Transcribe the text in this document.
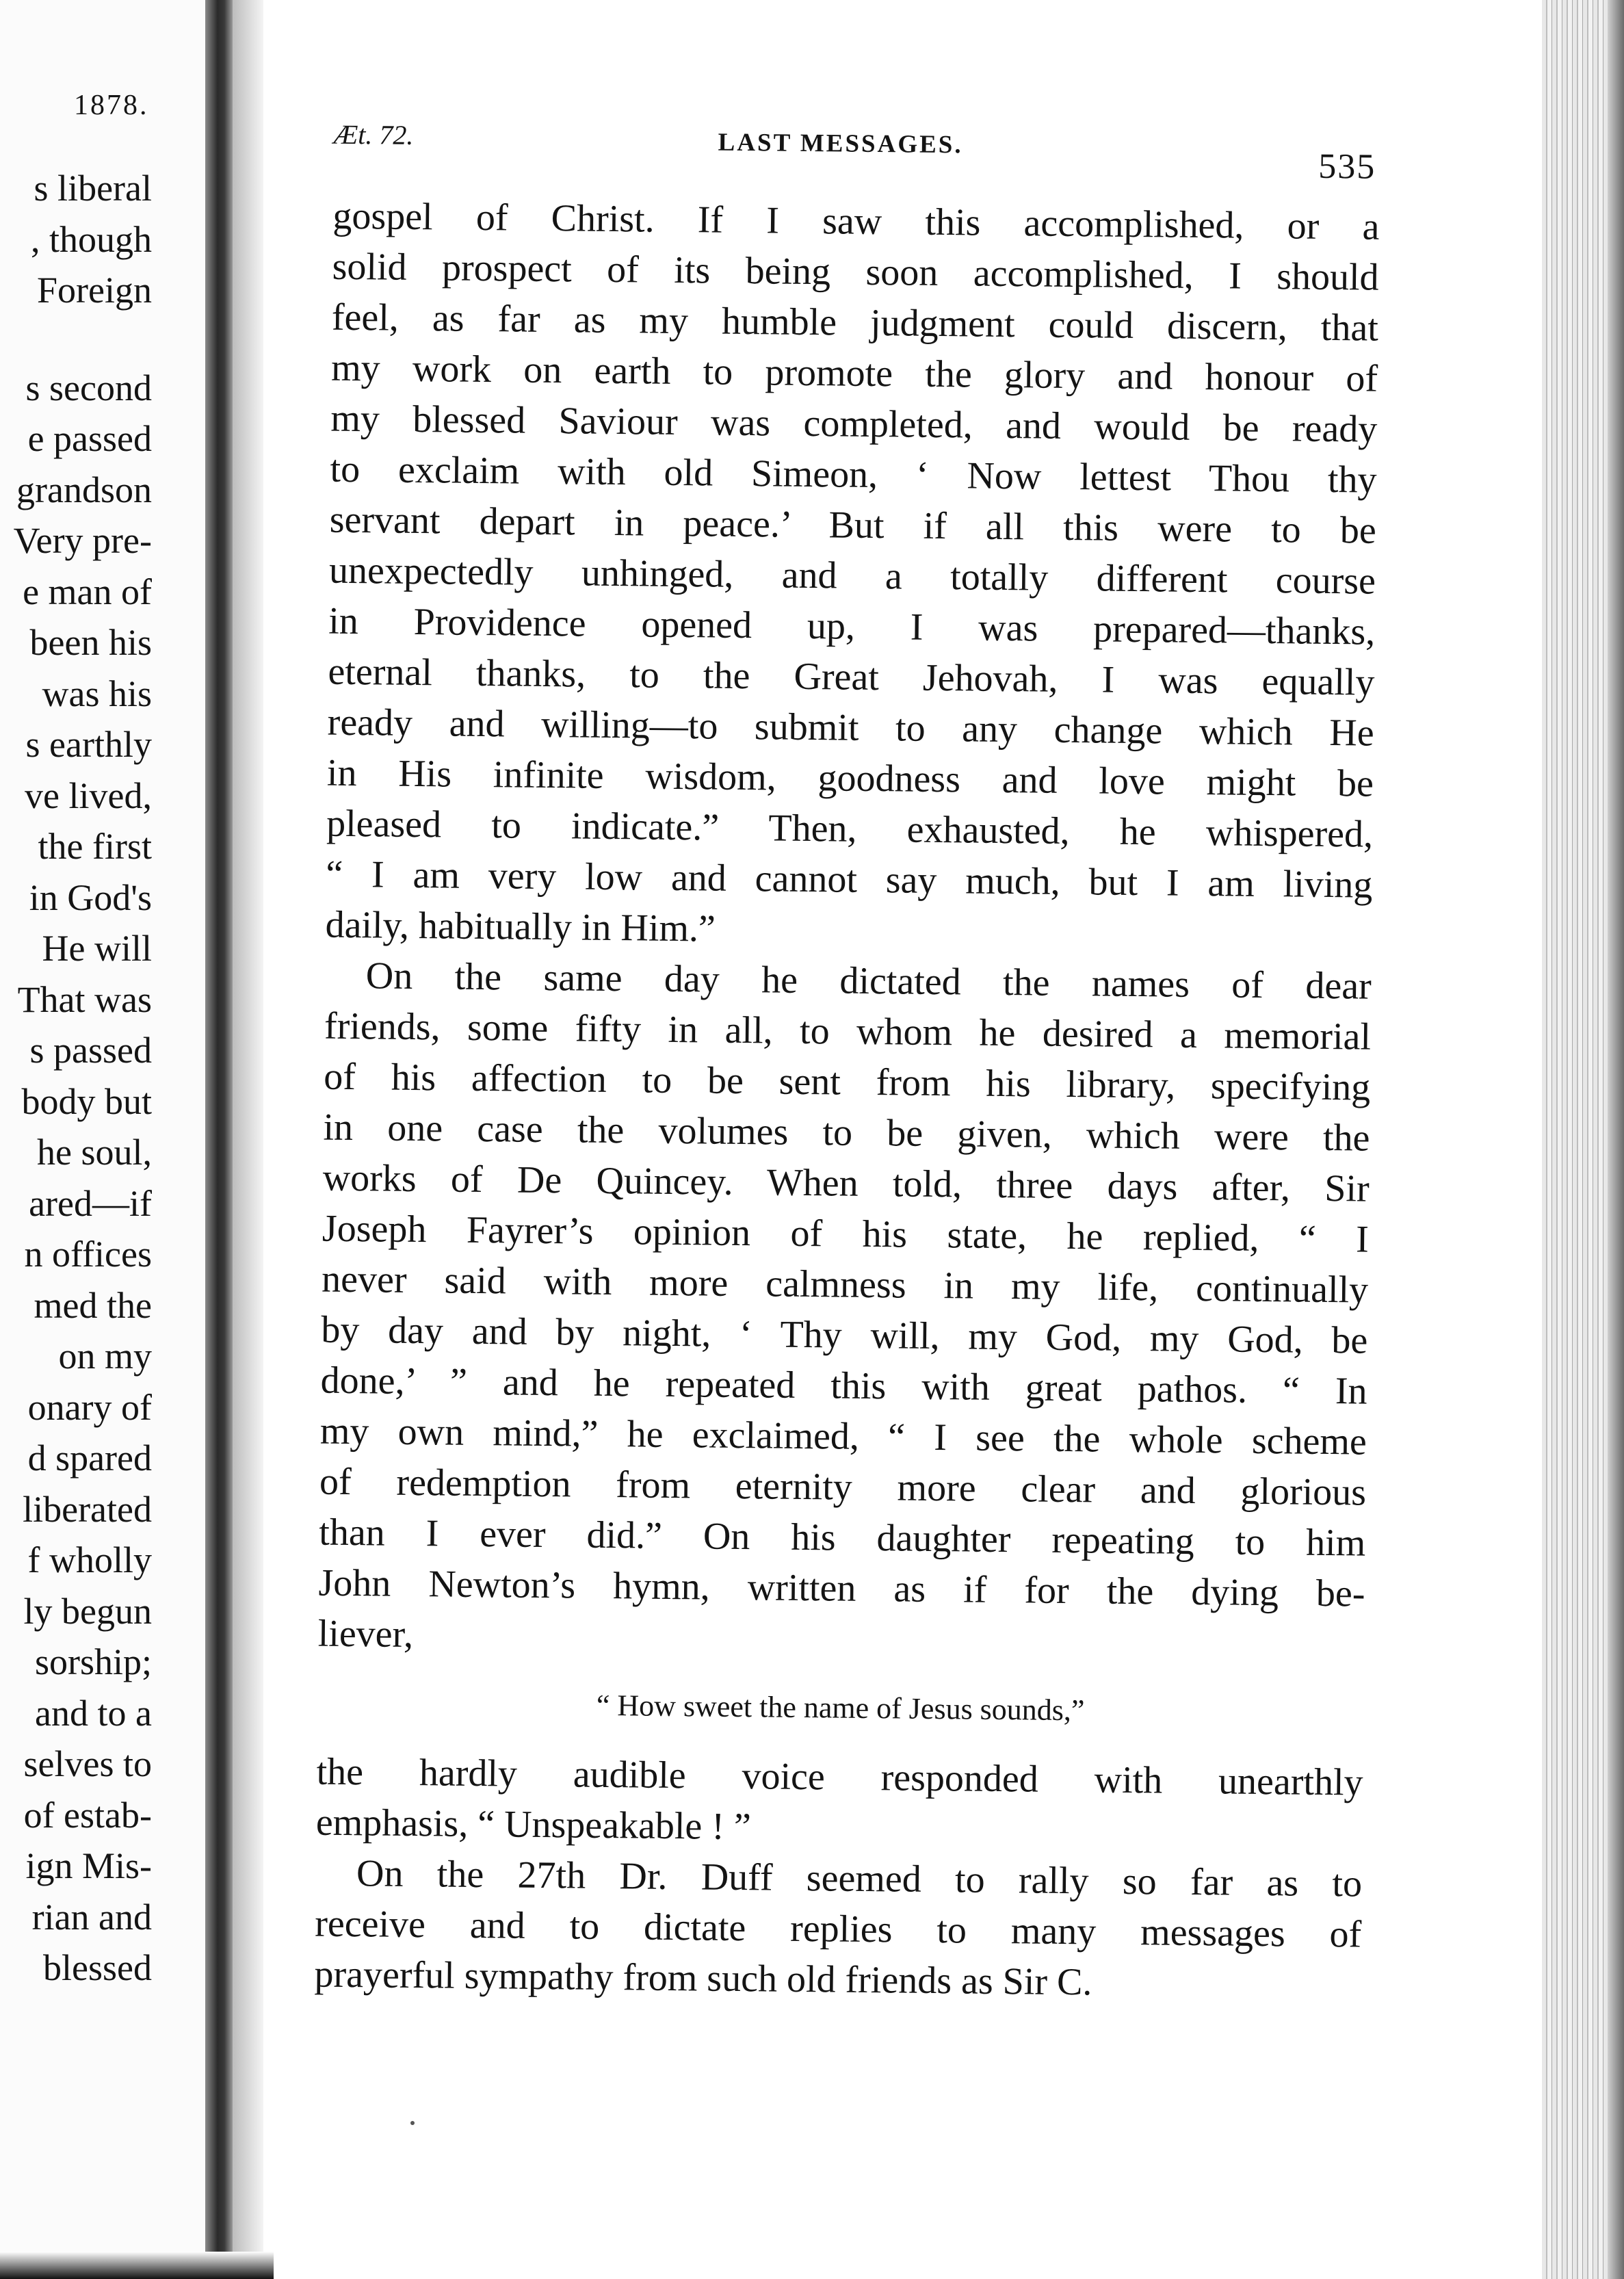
1878.
s liberal
, though
Foreign
s second
e passed
grandson
Very pre-
e man of
been his
was his
s earthly
ve lived,
the first
in God's
He will
That was
s passed
body but
he soul,
ared—if
n offices
med the
on my
onary of
d spared
liberated
f wholly
ly begun
sorship;
and to a
selves to
of estab-
ign Mis-
rian and
blessed
Æt. 72.	LAST MESSAGES.
535
gospel of Christ. If I saw this accomplished, or a
solid prospect of its being soon accomplished, I should
feel, as far as my humble judgment could discern, that
my work on earth to promote the glory and honour of
my blessed Saviour was completed, and would be ready
to exclaim with old Simeon, ‘ Now lettest Thou thy
servant depart in peace.’ But if all this were to be
unexpectedly unhinged, and a totally different course
in Providence opened up, I was prepared—thanks,
eternal thanks, to the Great Jehovah, I was equally
ready and willing—to submit to any change which He
in His infinite wisdom, goodness and love might be
pleased to indicate.” Then, exhausted, he whispered,
“ I am very low and cannot say much, but I am living
daily, habitually in Him.”
On the same day he dictated the names of dear
friends, some fifty in all, to whom he desired a memorial
of his affection to be sent from his library, specifying
in one case the volumes to be given, which were the
works of De Quincey. When told, three days after, Sir
Joseph Fayrer’s opinion of his state, he replied, “ I
never said with more calmness in my life, continually
by day and by night, ‘ Thy will, my God, my God, be
done,’ ” and he repeated this with great pathos. “ In
my own mind,” he exclaimed, “ I see the whole scheme
of redemption from eternity more clear and glorious
than I ever did.” On his daughter repeating to him
John Newton’s hymn, written as if for the dying be-
liever,
“ How sweet the name of Jesus sounds,”
the hardly audible voice responded with unearthly
emphasis, “ Unspeakable ! ”
On the 27th Dr. Duff seemed to rally so far as to
receive and to dictate replies to many messages of
prayerful sympathy from such old friends as Sir C.
